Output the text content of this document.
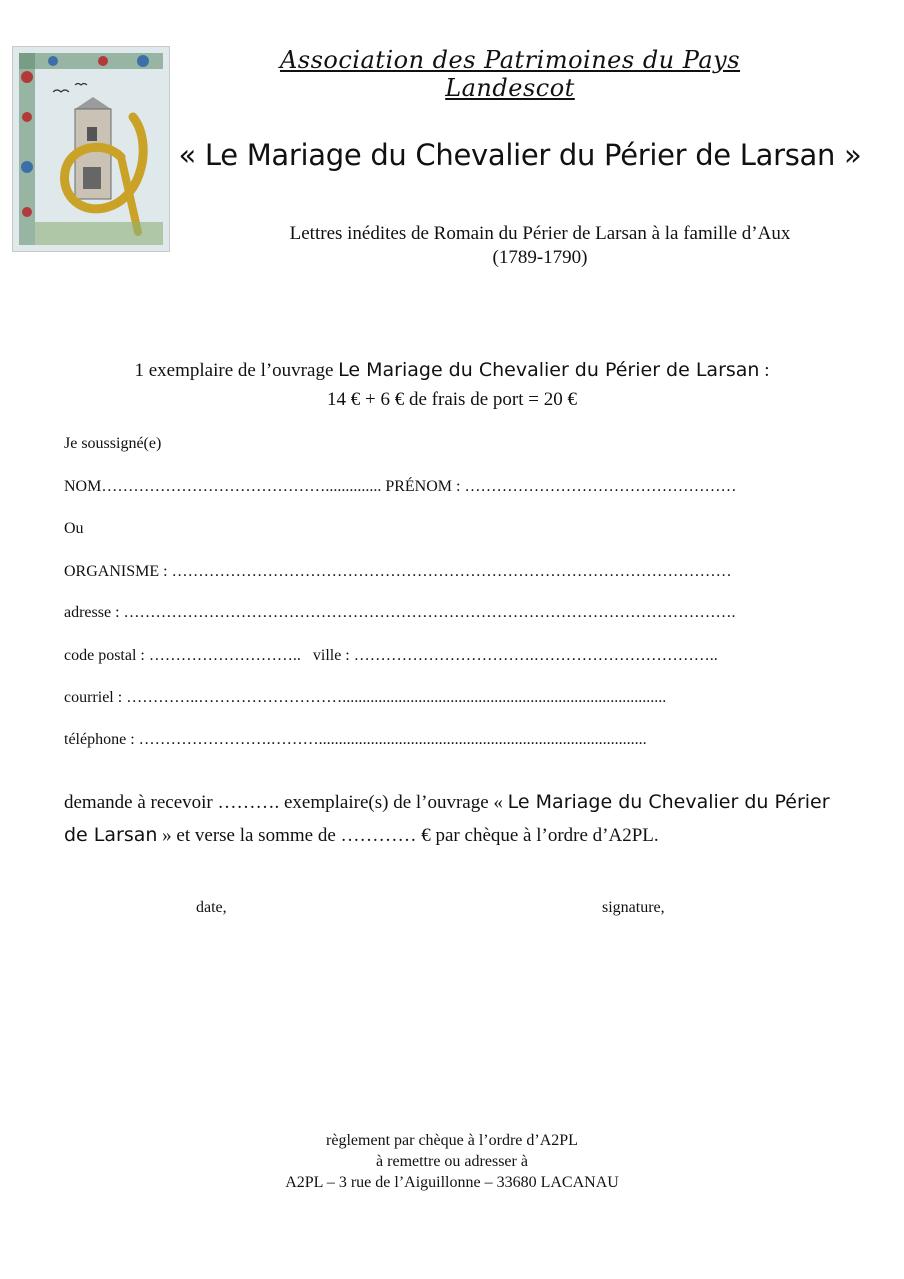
Association des Patrimoines du Pays Landescot
« Le Mariage du Chevalier du Périer de Larsan »
Lettres inédites de Romain du Périer de Larsan à la famille d’Aux
(1789-1790)
1 exemplaire de l’ouvrage Le Mariage du Chevalier du Périer de Larsan :
14 € + 6 € de frais de port = 20 €
Je soussigné(e)
NOM…………………………………….............. PRÉNOM : ……………………………………………
Ou
ORGANISME : ……………………………………………………………………………………………
adresse : …………………………………………………………………………………………………….
code postal : ………………………..   ville : …………………………….……………………………..
courriel : …………..……………………….................................................................................
téléphone : …………………….………..................................................................................
demande à recevoir ………. exemplaire(s) de l’ouvrage « Le Mariage du Chevalier du Périer de Larsan » et verse la somme de ………… € par chèque à l’ordre d’A2PL.
date,	signature,
règlement par chèque à l’ordre d’A2PL
à remettre ou adresser à
A2PL – 3 rue de l’Aiguillonne – 33680 LACANAU
